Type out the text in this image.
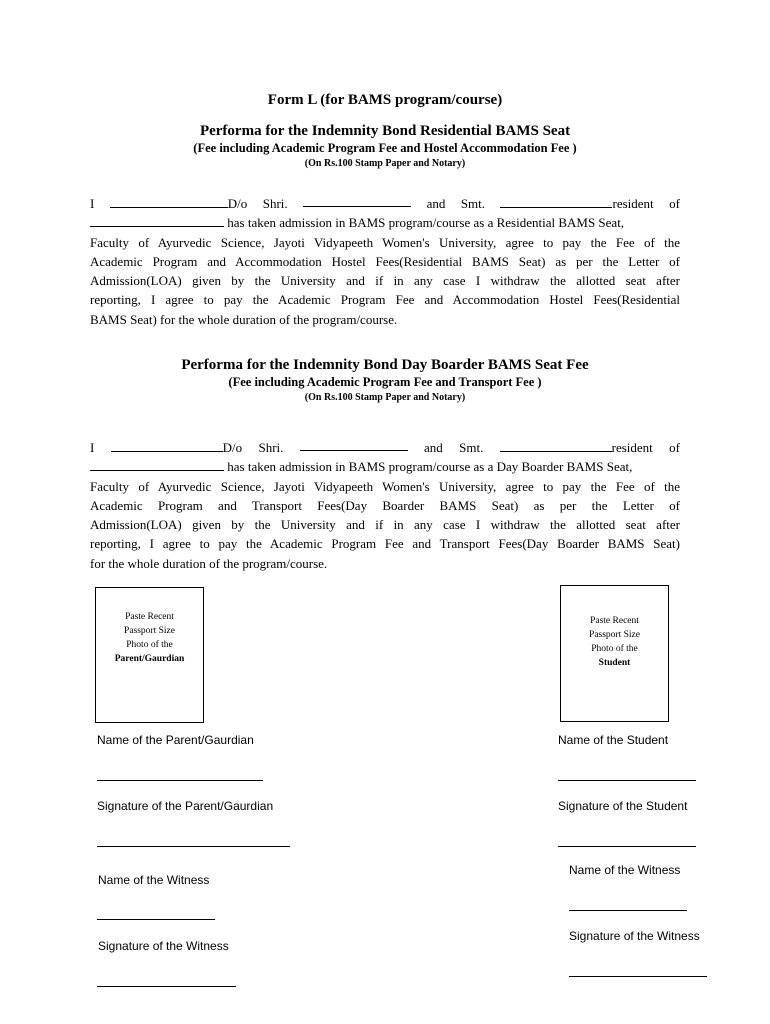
Form L (for BAMS program/course)
Performa for the Indemnity Bond Residential BAMS Seat
(Fee including Academic Program Fee and Hostel Accommodation Fee )
(On Rs.100 Stamp Paper and Notary)
I	D/o Shri.	and Smt.	resident of
has taken admission in BAMS program/course as a Residential BAMS Seat,
Faculty of Ayurvedic Science, Jayoti Vidyapeeth Women's University, agree to pay the Fee of the
Academic Program and Accommodation Hostel Fees(Residential BAMS Seat) as per the Letter of
Admission(LOA) given by the University and if in any case I withdraw the allotted seat after
reporting, I agree to pay the Academic Program Fee and Accommodation Hostel Fees(Residential
BAMS Seat) for the whole duration of the program/course.
Performa for the Indemnity Bond Day Boarder BAMS Seat Fee
(Fee including Academic Program Fee and Transport Fee )
(On Rs.100 Stamp Paper and Notary)
I	D/o Shri.	and Smt.	resident of
has taken admission in BAMS program/course as a Day Boarder BAMS Seat,
Faculty of Ayurvedic Science, Jayoti Vidyapeeth Women's University, agree to pay the Fee of the
Academic Program and Transport Fees(Day Boarder BAMS Seat) as per the Letter of
Admission(LOA) given by the University and if in any case I withdraw the allotted seat after
reporting, I agree to pay the Academic Program Fee and Transport Fees(Day Boarder BAMS Seat)
for the whole duration of the program/course.
Paste Recent
Passport Size
Photo of the
Parent/Gaurdian
Paste Recent
Passport Size
Photo of the
Student
Name of the Parent/Gaurdian
Signature of the Parent/Gaurdian
Name of the Witness
Signature of the Witness
Name of the Student
Signature of the Student
Name of the Witness
Signature of the Witness
